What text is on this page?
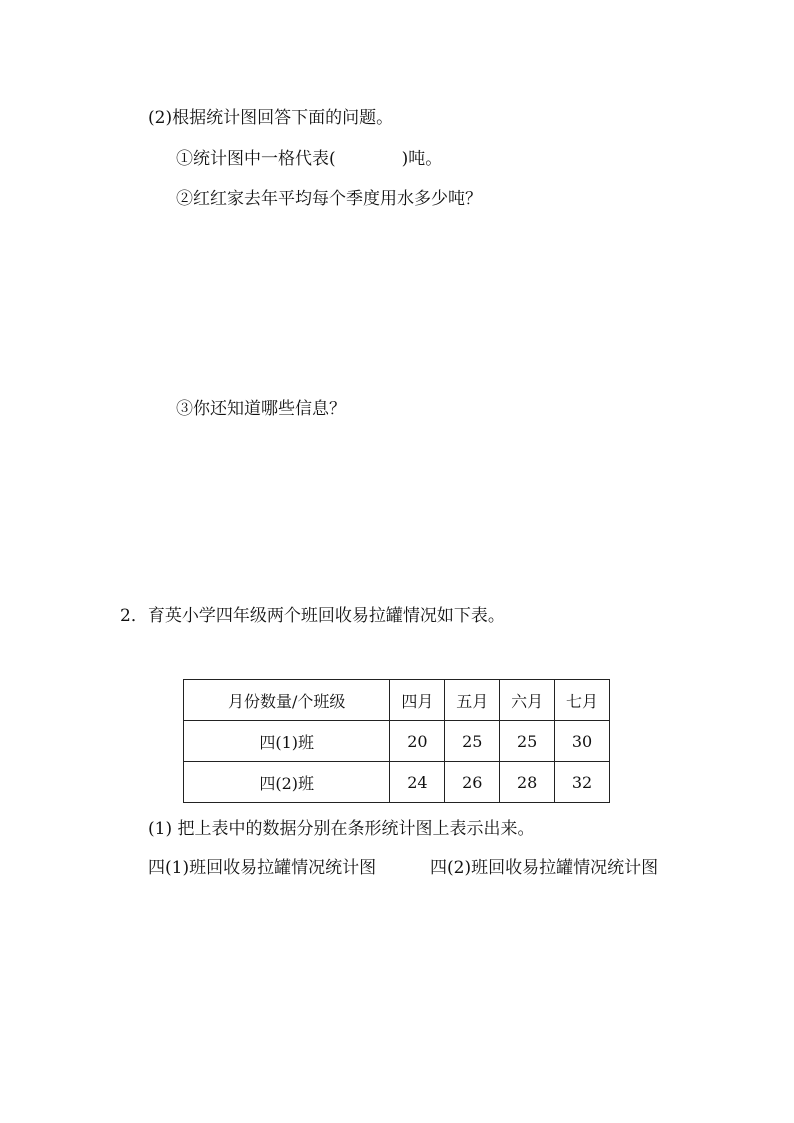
(2)根据统计图回答下面的问题。
①统计图中一格代表(	)吨。
②红红家去年平均每个季度用水多少吨？
③你还知道哪些信息？
2．育英小学四年级两个班回收易拉罐情况如下表。
月份数量/个班级	四月	五月	六月	七月
四(1)班	20	25	25	30
四(2)班	24	26	28	32
(1) 把上表中的数据分别在条形统计图上表示出来。
四(1)班回收易拉罐情况统计图	四(2)班回收易拉罐情况统计图
